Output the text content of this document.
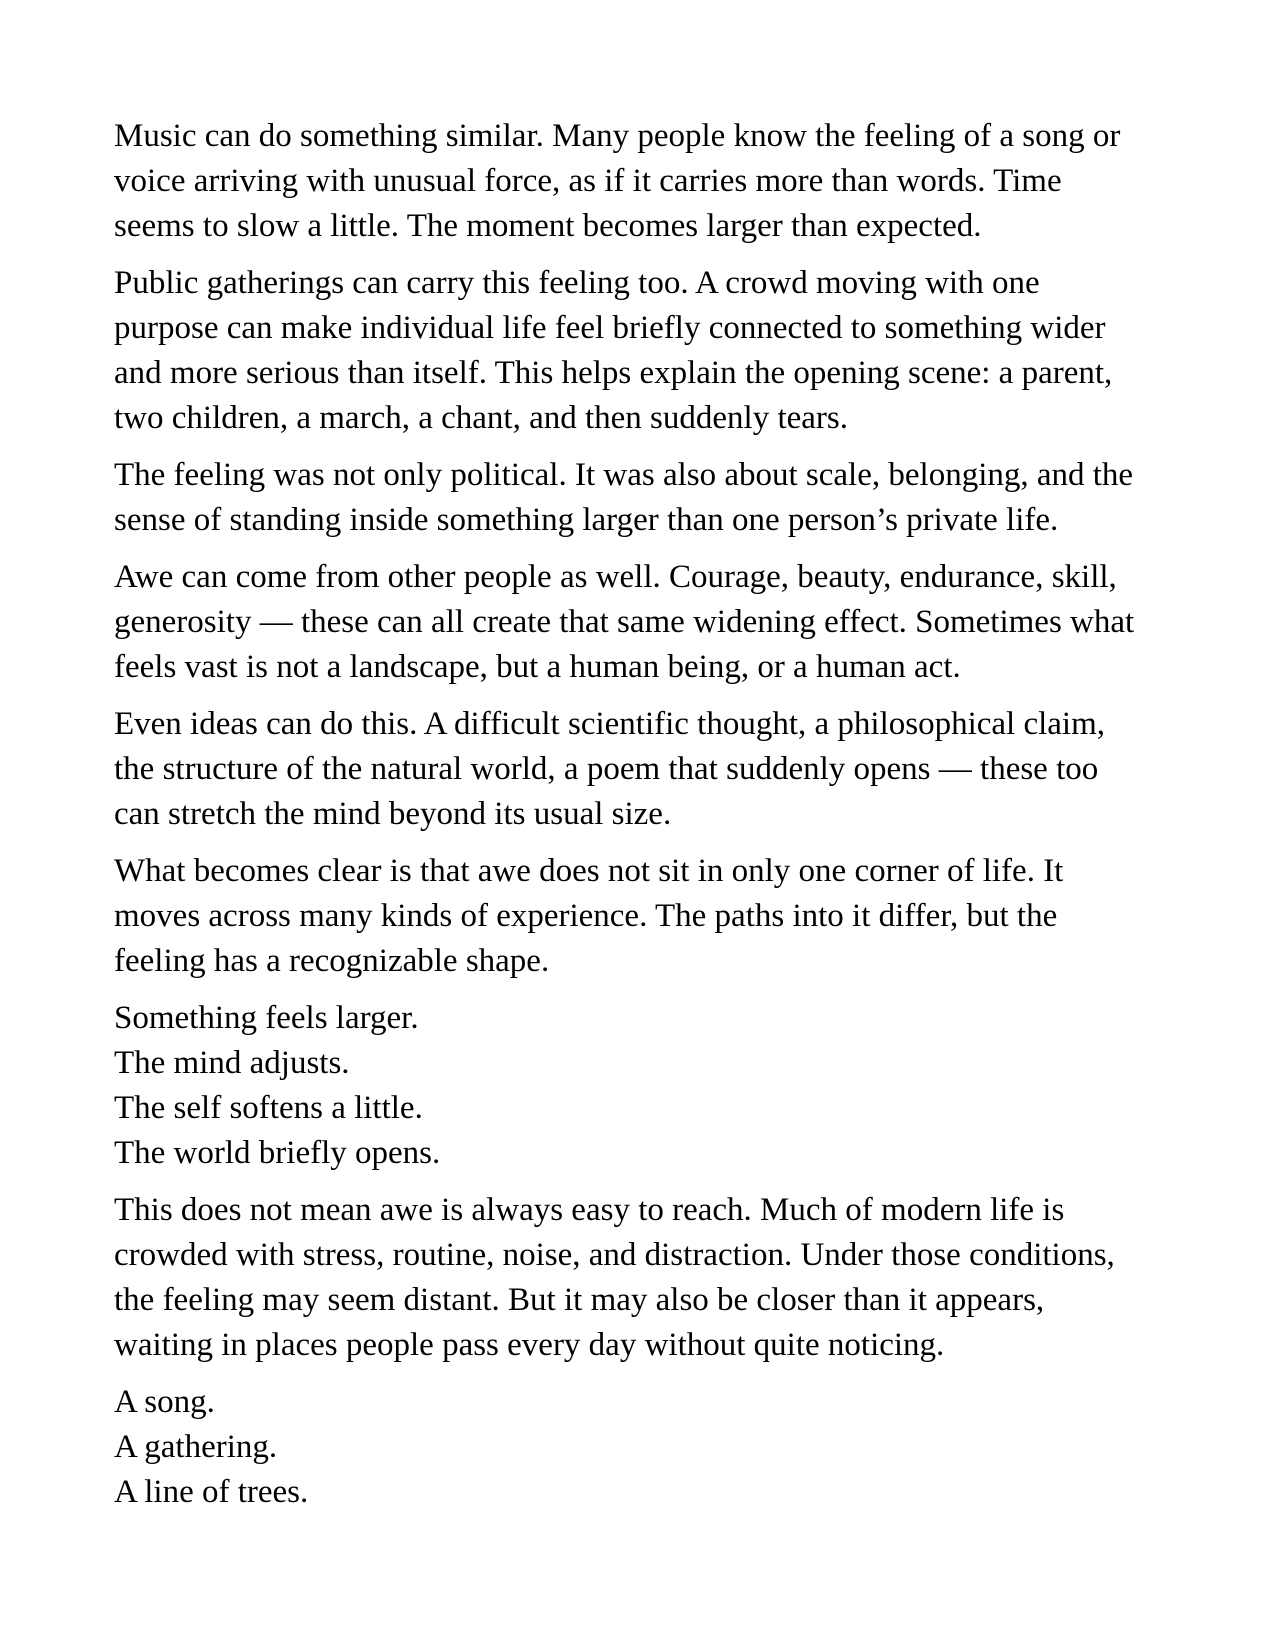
Music can do something similar. Many people know the feeling of a song or
voice arriving with unusual force, as if it carries more than words. Time
seems to slow a little. The moment becomes larger than expected.

Public gatherings can carry this feeling too. A crowd moving with one
purpose can make individual life feel briefly connected to something wider
and more serious than itself. This helps explain the opening scene: a parent,
two children, a march, a chant, and then suddenly tears.

The feeling was not only political. It was also about scale, belonging, and the
sense of standing inside something larger than one person’s private life.

Awe can come from other people as well. Courage, beauty, endurance, skill,
generosity — these can all create that same widening effect. Sometimes what
feels vast is not a landscape, but a human being, or a human act.

Even ideas can do this. A difficult scientific thought, a philosophical claim,
the structure of the natural world, a poem that suddenly opens — these too
can stretch the mind beyond its usual size.

What becomes clear is that awe does not sit in only one corner of life. It
moves across many kinds of experience. The paths into it differ, but the
feeling has a recognizable shape.

Something feels larger.
The mind adjusts.
The self softens a little.
The world briefly opens.

This does not mean awe is always easy to reach. Much of modern life is
crowded with stress, routine, noise, and distraction. Under those conditions,
the feeling may seem distant. But it may also be closer than it appears,
waiting in places people pass every day without quite noticing.

A song.
A gathering.
A line of trees.
